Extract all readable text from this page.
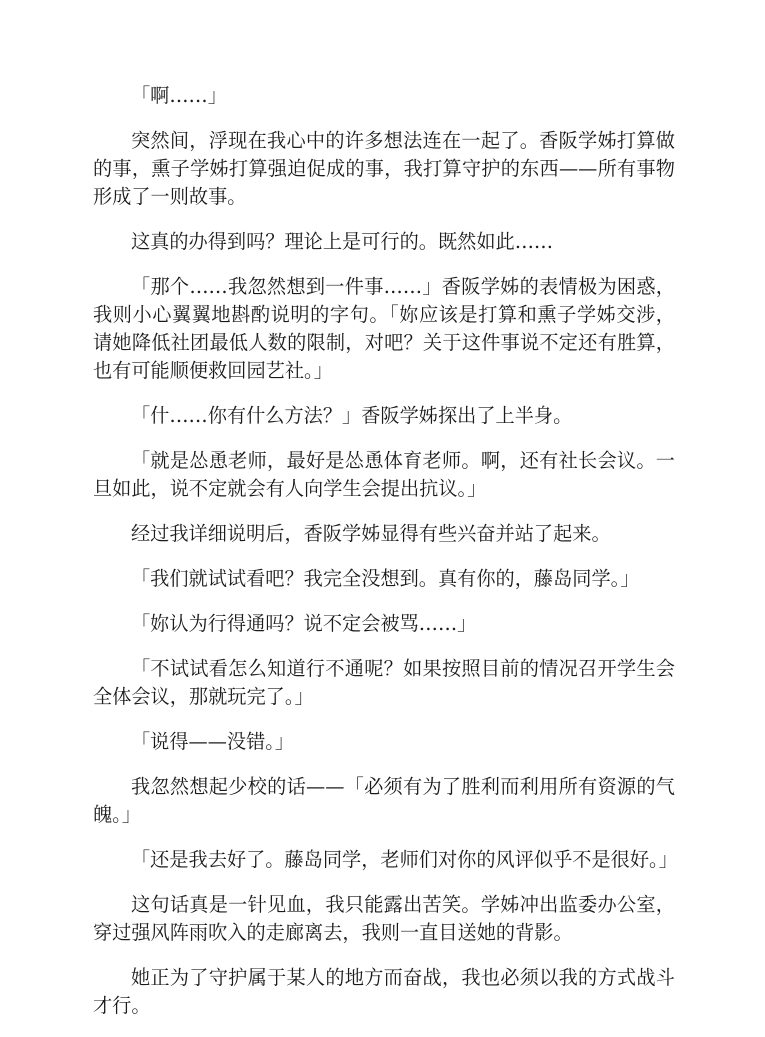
「啊……」

突然间，浮现在我心中的许多想法连在一起了。香阪学姊打算做的事，熏子学姊打算强迫促成的事，我打算守护的东西——所有事物形成了一则故事。

这真的办得到吗？理论上是可行的。既然如此……

「那个……我忽然想到一件事……」香阪学姊的表情极为困惑，我则小心翼翼地斟酌说明的字句。「妳应该是打算和熏子学姊交涉，请她降低社团最低人数的限制，对吧？关于这件事说不定还有胜算，也有可能顺便救回园艺社。」

「什……你有什么方法？」香阪学姊探出了上半身。

「就是怂恿老师，最好是怂恿体育老师。啊，还有社长会议。一旦如此，说不定就会有人向学生会提出抗议。」

经过我详细说明后，香阪学姊显得有些兴奋并站了起来。

「我们就试试看吧？我完全没想到。真有你的，藤岛同学。」

「妳认为行得通吗？说不定会被骂……」

「不试试看怎么知道行不通呢？如果按照目前的情况召开学生会全体会议，那就玩完了。」

「说得——没错。」

我忽然想起少校的话——「必须有为了胜利而利用所有资源的气魄。」

「还是我去好了。藤岛同学，老师们对你的风评似乎不是很好。」

这句话真是一针见血，我只能露出苦笑。学姊冲出监委办公室，穿过强风阵雨吹入的走廊离去，我则一直目送她的背影。

她正为了守护属于某人的地方而奋战，我也必须以我的方式战斗才行。
